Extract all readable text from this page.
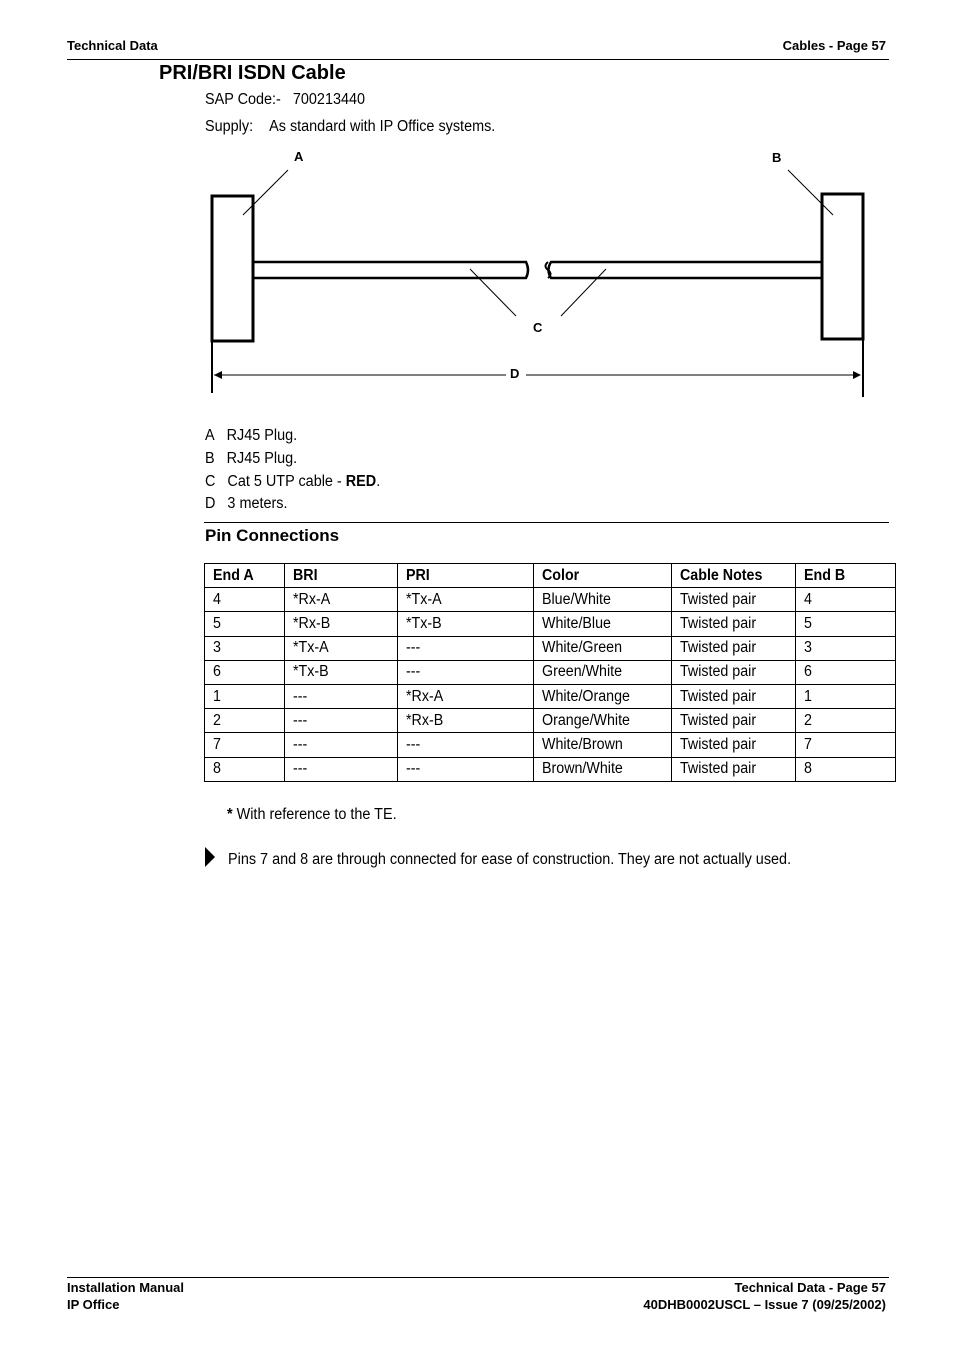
Technical Data	Cables - Page 57
PRI/BRI ISDN Cable
SAP Code:- 700213440
Supply: As standard with IP Office systems.
A	B
C
D
A RJ45 Plug.
B RJ45 Plug.
C Cat 5 UTP cable - RED.
D 3 meters.
Pin Connections
End A	BRI	PRI	Color	Cable Notes	End B
4	*Rx-A	*Tx-A	Blue/White	Twisted pair	4
5	*Rx-B	*Tx-B	White/Blue	Twisted pair	5
3	*Tx-A	---	White/Green	Twisted pair	3
6	*Tx-B	---	Green/White	Twisted pair	6
1	---	*Rx-A	White/Orange	Twisted pair	1
2	---	*Rx-B	Orange/White	Twisted pair	2
7	---	---	White/Brown	Twisted pair	7
8	---	---	Brown/White	Twisted pair	8
* With reference to the TE.
Pins 7 and 8 are through connected for ease of construction. They are not actually used.
Installation Manual
IP Office
Technical Data - Page 57
40DHB0002USCL – Issue 7 (09/25/2002)
